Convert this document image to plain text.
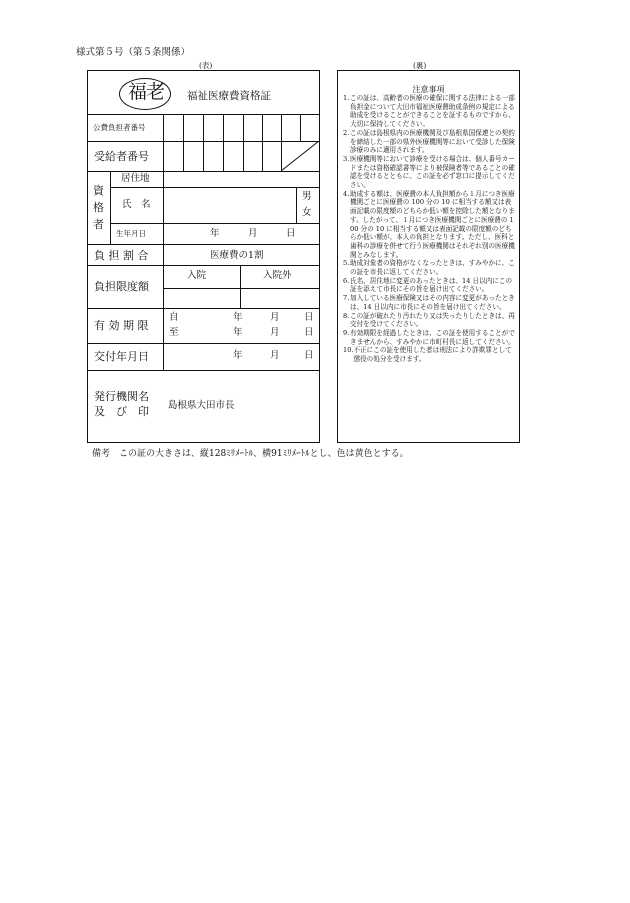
様式第５号（第５条関係）
(表)	(裏)
福老 福祉医療費資格証
公費負担者番号
受給者番号
資
格
者
居住地
氏　名
男
女
生年月日	年	月	日
負 担 割 合	医療費の1割
負担限度額
入院	入院外
有 効 期 限
自	年	月	日
至	年	月	日
交付年月日	年	月	日
発行機関名
及　び　印 島根県大田市長
注意事項
1. この証は、高齢者の医療の確保に関する法律による一部負担金について大田市福祉医療費助成条例の規定による助成を受けることができることを証するものですから、大切に保持してください。
2. この証は島根県内の医療機関及び島根県国保連との契約を締結した一部の県外医療機関等において受診した保険診療のみに適用されます。
3. 医療機関等において診療を受ける場合は、個人番号カードまたは資格確認書等により被保険者等であることの確認を受けるとともに、この証を必ず窓口に提示してください。
4. 助成する額は、医療費の本人負担額から１月につき医療機関ごとに医療費の 100 分の 10 に相当する額又は表面記載の限度額のどちらか低い額を控除した額となります。したがって、１月につき医療機関ごとに医療費の 100 分の 10 に相当する額又は表面記載の限度額のどちらか低い額が、本人の負担となります。ただし、医科と歯科の診療を併せて行う医療機関はそれぞれ別の医療機関とみなします。
5. 助成対象者の資格がなくなったときは、すみやかに、この証を市長に返してください。
6. 氏名、居住地に変更のあったときは、14 日以内にこの証を添えて市長にその旨を届け出てください。
7. 加入している医療保険又はその内容に変更があったときは、14 日以内に市長にその旨を届け出てください。
8. この証が破れたり汚れたり又は失ったりしたときは、再交付を受けてください。
9. 有効期限を経過したときは、この証を使用することができませんから、すみやかに市町村長に返してください。
10. 不正にこの証を使用した者は刑法により詐欺罪として懲役の処分を受けます。
備考　この証の大きさは、縦128ﾐﾘﾒｰﾄﾙ、横91ﾐﾘﾒｰﾄﾙとし、色は黄色とする。
